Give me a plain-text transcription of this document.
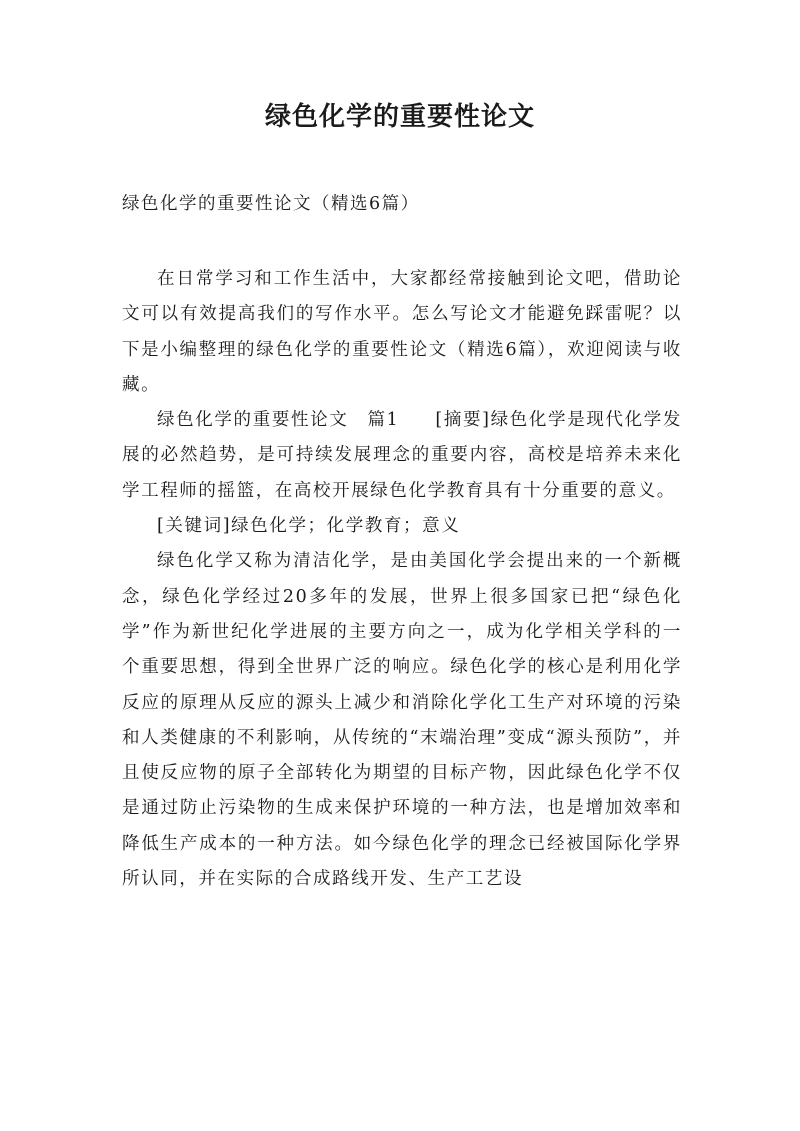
绿色化学的重要性论文

绿色化学的重要性论文（精选6篇）

在日常学习和工作生活中，大家都经常接触到论文吧，借助论文可以有效提高我们的写作水平。怎么写论文才能避免踩雷呢？以下是小编整理的绿色化学的重要性论文（精选6篇），欢迎阅读与收藏。

绿色化学的重要性论文　篇1 [摘要]绿色化学是现代化学发展的必然趋势，是可持续发展理念的重要内容，高校是培养未来化学工程师的摇篮，在高校开展绿色化学教育具有十分重要的意义。

[关键词]绿色化学；化学教育；意义

绿色化学又称为清洁化学，是由美国化学会提出来的一个新概念，绿色化学经过20多年的发展，世界上很多国家已把“绿色化学”作为新世纪化学进展的主要方向之一，成为化学相关学科的一个重要思想，得到全世界广泛的响应。绿色化学的核心是利用化学反应的原理从反应的源头上减少和消除化学化工生产对环境的污染和人类健康的不利影响，从传统的“末端治理”变成“源头预防”，并且使反应物的原子全部转化为期望的目标产物，因此绿色化学不仅是通过防止污染物的生成来保护环境的一种方法，也是增加效率和降低生产成本的一种方法。如今绿色化学的理念已经被国际化学界所认同，并在实际的合成路线开发、生产工艺设
